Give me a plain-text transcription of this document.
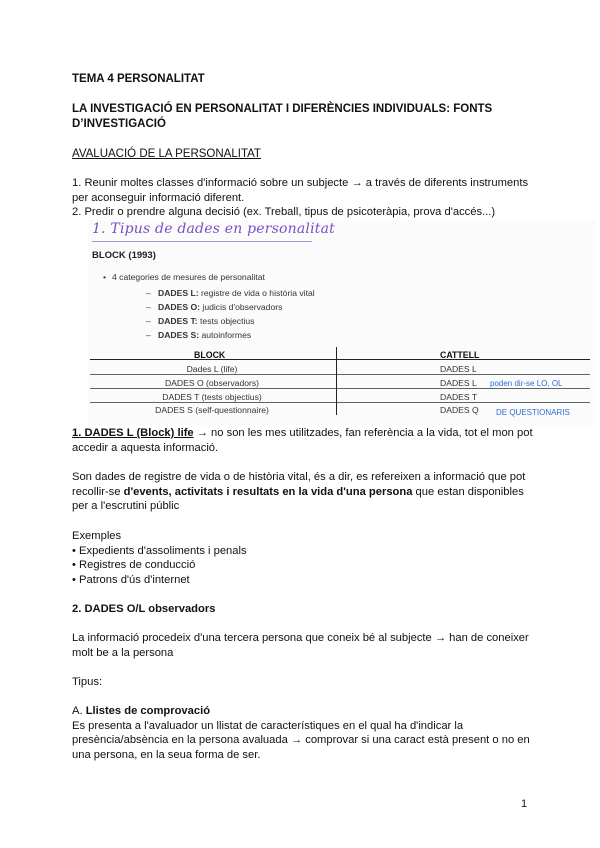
TEMA 4 PERSONALITAT
LA INVESTIGACIÓ EN PERSONALITAT I DIFERÈNCIES INDIVIDUALS: FONTS D’INVESTIGACIÓ
AVALUACIÓ DE LA PERSONALITAT

1. Reunir moltes classes d'informació sobre un subjecte → a través de diferents instruments per aconseguir informació diferent.

2. Predir o prendre alguna decisió (ex. Treball, tipus de psicoteràpia, prova d'accés...)

1. Tipus de dades en personalitat
BLOCK (1993)
• 4 categories de mesures de personalitat
– DADES L: registre de vida o història vital
– DADES O: judicis d'observadors
– DADES T: tests objectius
– DADES S: autoinformes
BLOCK	CATTELL
Dades L (life)	DADES L
DADES O (observadors)	DADES L poden dir-se LO, OL
DADES T (tests objectius)	DADES T
DADES S (self-questionnaire)	DADES Q DE QUESTIONARIS
1. DADES L (Block) life → no son les mes utilitzades, fan referència a la vida, tot el mon pot accedir a aquesta informació.
Son dades de registre de vida o de història vital, és a dir, es refereixen a informació que pot recollir-se d'events, activitats i resultats en la vida d'una persona que estan disponibles per a l'escrutini públic
Exemples
• Expedients d'assoliments i penals
• Registres de conducció
• Patrons d'ús d'internet
2. DADES O/L observadors
La informació procedeix d'una tercera persona que coneix bé al subjecte → han de coneixer molt be a la persona
Tipus:
A. Llistes de comprovació
Es presenta a l'avaluador un llistat de característiques en el qual ha d'indicar la presència/absència en la persona avaluada → comprovar si una caract està present o no en una persona, en la seua forma de ser.
1
